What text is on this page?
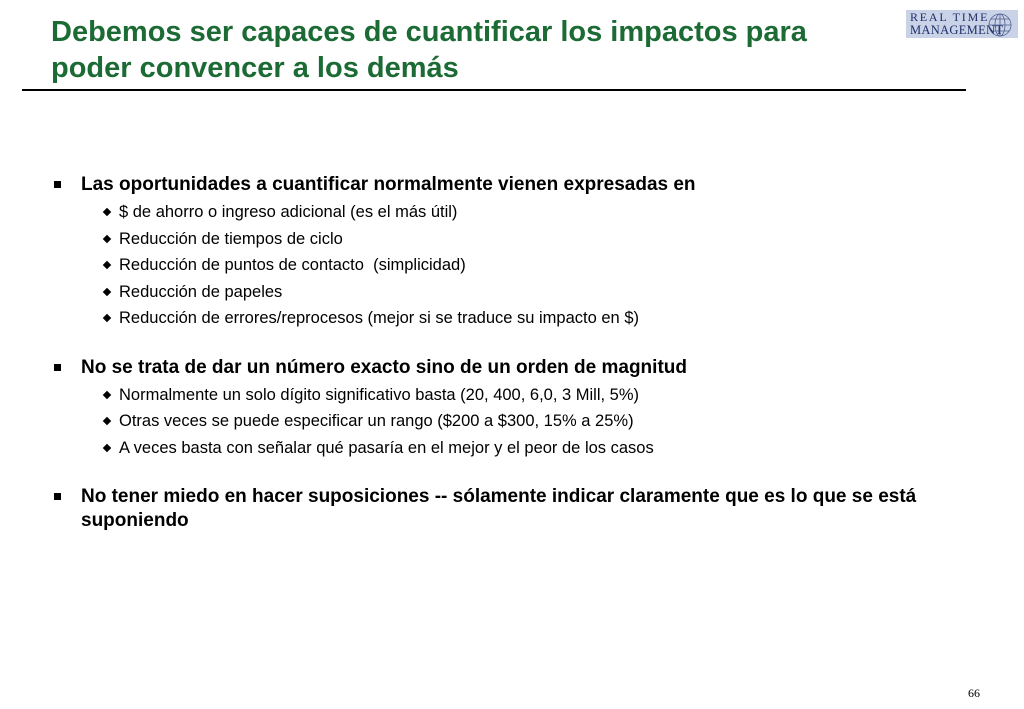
Debemos ser capaces de cuantificar los impactos para
poder convencer a los demás
REAL TIME
MANAGEMENT
Las oportunidades a cuantificar normalmente vienen expresadas en
$ de ahorro o ingreso adicional (es el más útil)
Reducción de tiempos de ciclo
Reducción de puntos de contacto  (simplicidad)
Reducción de papeles
Reducción de errores/reprocesos (mejor si se traduce su impacto en $)
No se trata de dar un número exacto sino de un orden de magnitud
Normalmente un solo dígito significativo basta (20, 400, 6,0, 3 Mill, 5%)
Otras veces se puede especificar un rango ($200 a $300, 15% a 25%)
A veces basta con señalar qué pasaría en el mejor y el peor de los casos
No tener miedo en hacer suposiciones -- sólamente indicar claramente que es lo que se está suponiendo
66
